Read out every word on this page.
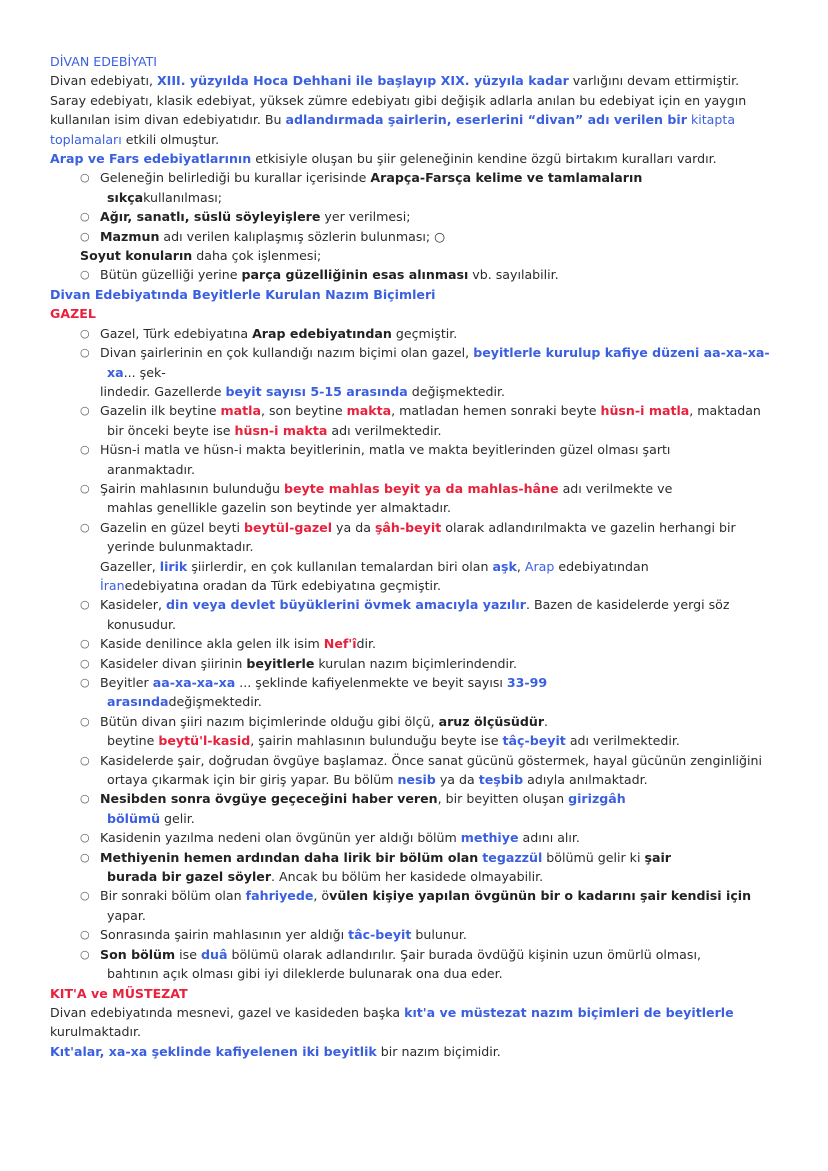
DİVAN EDEBİYATI
Divan edebiyatı, XIII. yüzyılda Hoca Dehhani ile başlayıp XIX. yüzyıla kadar varlığını devam ettirmiştir.
Saray edebiyatı, klasik edebiyat, yüksek zümre edebiyatı gibi değişik adlarla anılan bu edebiyat için en yaygın
kullanılan isim divan edebiyatıdır. Bu adlandırmada şairlerin, eserlerini “divan” adı verilen bir kitapta
toplamaları etkili olmuştur.
Arap ve Fars edebiyatlarının etkisiyle oluşan bu şiir geleneğinin kendine özgü birtakım kuralları vardır.
○ Geleneğin belirlediği bu kurallar içerisinde Arapça-Farsça kelime ve tamlamaların
sıkçakullanılması;
○ Ağır, sanatlı, süslü söyleyişlere yer verilmesi;
○ Mazmun adı verilen kalıplaşmış sözlerin bulunması; ○
Soyut konuların daha çok işlenmesi;
○ Bütün güzelliği yerine parça güzelliğinin esas alınması vb. sayılabilir.
Divan Edebiyatında Beyitlerle Kurulan Nazım Biçimleri
GAZEL
○ Gazel, Türk edebiyatına Arap edebiyatından geçmiştir.
○ Divan şairlerinin en çok kullandığı nazım biçimi olan gazel, beyitlerle kurulup kafiye düzeni aa-xa-xa-
xa... şek-
lindedir. Gazellerde beyit sayısı 5-15 arasında değişmektedir.
○ Gazelin ilk beytine matla, son beytine makta, matladan hemen sonraki beyte hüsn-i matla, maktadan
bir önceki beyte ise hüsn-i makta adı verilmektedir.
○ Hüsn-i matla ve hüsn-i makta beyitlerinin, matla ve makta beyitlerinden güzel olması şartı
aranmaktadır.
○ Şairin mahlasının bulunduğu beyte mahlas beyit ya da mahlas-hâne adı verilmekte ve
mahlas genellikle gazelin son beytinde yer almaktadır.
○ Gazelin en güzel beyti beytül-gazel ya da şâh-beyit olarak adlandırılmakta ve gazelin herhangi bir
yerinde bulunmaktadır.
Gazeller, lirik şiirlerdir, en çok kullanılan temalardan biri olan aşk, Arap edebiyatından
İranedebiyatına oradan da Türk edebiyatına geçmiştir.
○ Kasideler, din veya devlet büyüklerini övmek amacıyla yazılır. Bazen de kasidelerde yergi söz
konusudur.
○ Kaside denilince akla gelen ilk isim Nef'îdir.
○ Kasideler divan şiirinin beyitlerle kurulan nazım biçimlerindendir.
○ Beyitler aa-xa-xa-xa ... şeklinde kafiyelenmekte ve beyit sayısı 33-99
arasındadeğişmektedir.
○ Bütün divan şiiri nazım biçimlerinde olduğu gibi ölçü, aruz ölçüsüdür.
beytine beytü'l-kasid, şairin mahlasının bulunduğu beyte ise tâç-beyit adı verilmektedir.
○ Kasidelerde şair, doğrudan övgüye başlamaz. Önce sanat gücünü göstermek, hayal gücünün zenginliğini
ortaya çıkarmak için bir giriş yapar. Bu bölüm nesib ya da teşbib adıyla anılmaktadr.
○ Nesibden sonra övgüye geçeceğini haber veren, bir beyitten oluşan girizgâh
bölümü gelir.
○ Kasidenin yazılma nedeni olan övgünün yer aldığı bölüm methiye adını alır.
○ Methiyenin hemen ardından daha lirik bir bölüm olan tegazzül bölümü gelir ki şair
burada bir gazel söyler. Ancak bu bölüm her kasidede olmayabilir.
○ Bir sonraki bölüm olan fahriyede, övülen kişiye yapılan övgünün bir o kadarını şair kendisi için
yapar.
○ Sonrasında şairin mahlasının yer aldığı tâc-beyit bulunur.
○ Son bölüm ise duâ bölümü olarak adlandırılır. Şair burada övdüğü kişinin uzun ömürlü olması,
bahtının açık olması gibi iyi dileklerde bulunarak ona dua eder.
KIT'A ve MÜSTEZAT
Divan edebiyatında mesnevi, gazel ve kasideden başka kıt'a ve müstezat nazım biçimleri de beyitlerle
kurulmaktadır.
Kıt'alar, xa-xa şeklinde kafiyelenen iki beyitlik bir nazım biçimidir.
